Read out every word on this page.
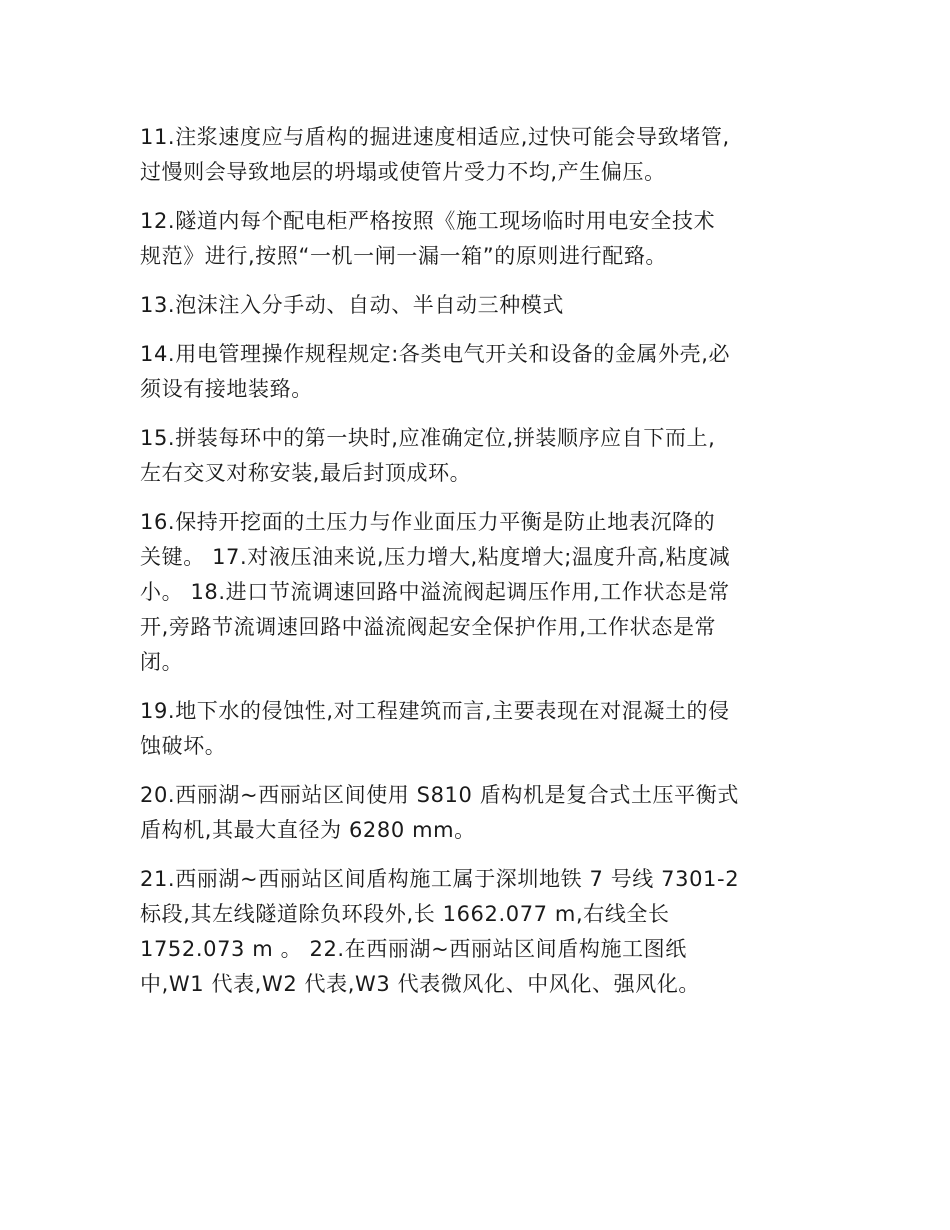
11.注浆速度应与盾构的掘进速度相适应,过快可能会导致堵管,
过慢则会导致地层的坍塌或使管片受力不均,产生偏压。

12.隧道内每个配电柜严格按照《施工现场临时用电安全技术
规范》进行,按照“一机一闸一漏一箱”的原则进行配臵。

13.泡沫注入分手动、自动、半自动三种模式

14.用电管理操作规程规定:各类电气开关和设备的金属外壳,必
须设有接地装臵。

15.拼装每环中的第一块时,应准确定位,拼装顺序应自下而上,
左右交叉对称安装,最后封顶成环。

16.保持开挖面的土压力与作业面压力平衡是防止地表沉降的
关键。 17.对液压油来说,压力增大,粘度增大;温度升高,粘度减
小。 18.进口节流调速回路中溢流阀起调压作用,工作状态是常
开,旁路节流调速回路中溢流阀起安全保护作用,工作状态是常
闭。

19.地下水的侵蚀性,对工程建筑而言,主要表现在对混凝土的侵
蚀破坏。

20.西丽湖~西丽站区间使用 S810 盾构机是复合式土压平衡式
盾构机,其最大直径为 6280 mm。

21.西丽湖~西丽站区间盾构施工属于深圳地铁 7 号线 7301-2
标段,其左线隧道除负环段外,长 1662.077 m,右线全长
1752.073 m 。 22.在西丽湖~西丽站区间盾构施工图纸
中,W1 代表,W2 代表,W3 代表微风化、中风化、强风化。
